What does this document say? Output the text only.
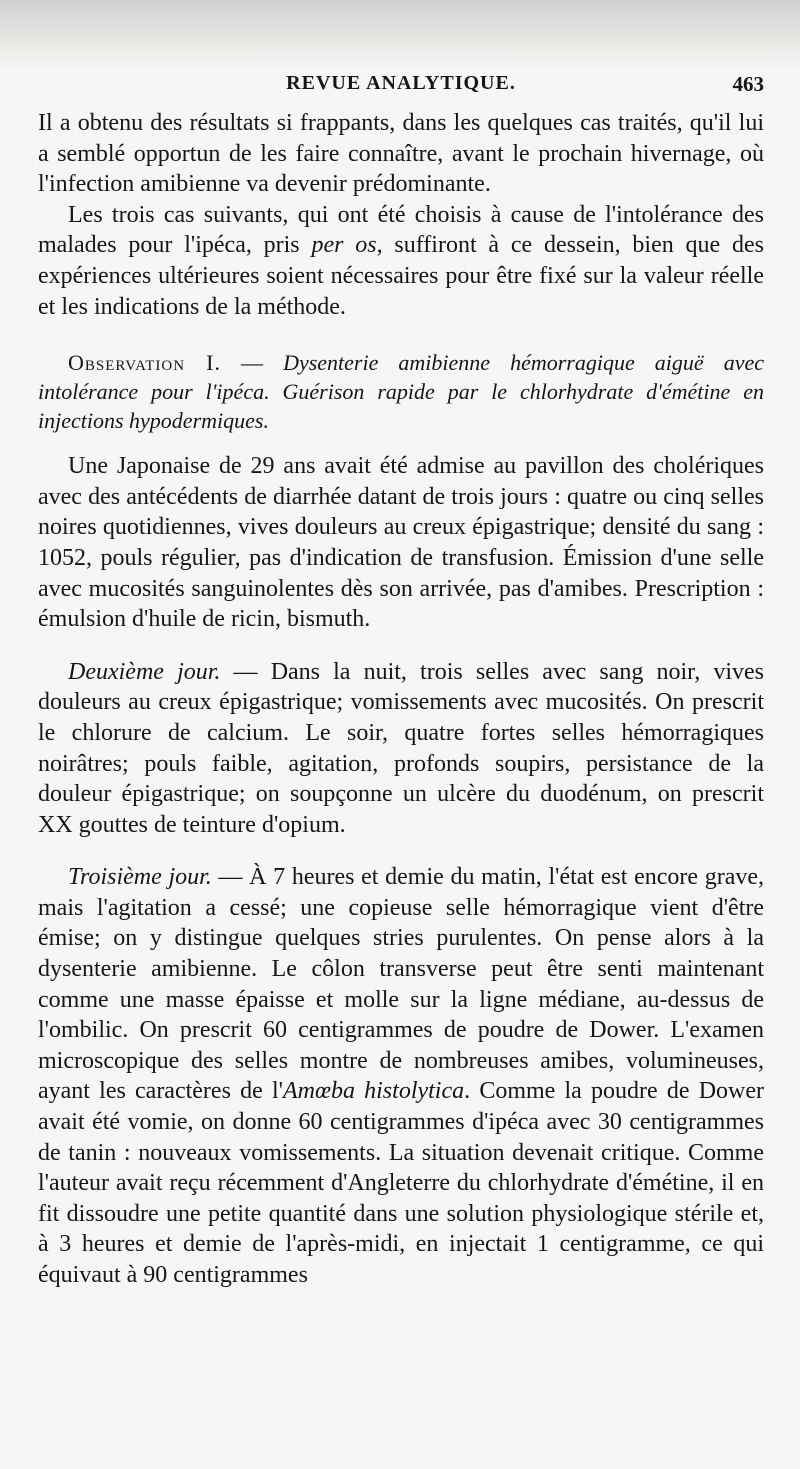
REVUE ANALYTIQUE.	463

Il a obtenu des résultats si frappants, dans les quelques cas traités, qu'il lui a semblé opportun de les faire connaître, avant le prochain hivernage, où l'infection amibienne va devenir prédominante.

Les trois cas suivants, qui ont été choisis à cause de l'intolérance des malades pour l'ipéca, pris per os, suffiront à ce dessein, bien que des expériences ultérieures soient nécessaires pour être fixé sur la valeur réelle et les indications de la méthode.

Observation I. — Dysenterie amibienne hémorragique aiguë avec intolérance pour l'ipéca. Guérison rapide par le chlorhydrate d'émétine en injections hypodermiques.

Une Japonaise de 29 ans avait été admise au pavillon des cholériques avec des antécédents de diarrhée datant de trois jours : quatre ou cinq selles noires quotidiennes, vives douleurs au creux épigastrique; densité du sang : 1052, pouls régulier, pas d'indication de transfusion. Émission d'une selle avec mucosités sanguinolentes dès son arrivée, pas d'amibes. Prescription : émulsion d'huile de ricin, bismuth.

Deuxième jour. — Dans la nuit, trois selles avec sang noir, vives douleurs au creux épigastrique; vomissements avec mucosités. On prescrit le chlorure de calcium. Le soir, quatre fortes selles hémorragiques noirâtres; pouls faible, agitation, profonds soupirs, persistance de la douleur épigastrique; on soupçonne un ulcère du duodénum, on prescrit XX gouttes de teinture d'opium.

Troisième jour. — À 7 heures et demie du matin, l'état est encore grave, mais l'agitation a cessé; une copieuse selle hémorragique vient d'être émise; on y distingue quelques stries purulentes. On pense alors à la dysenterie amibienne. Le côlon transverse peut être senti maintenant comme une masse épaisse et molle sur la ligne médiane, au-dessus de l'ombilic. On prescrit 60 centigrammes de poudre de Dower. L'examen microscopique des selles montre de nombreuses amibes, volumineuses, ayant les caractères de l'Amœba histolytica. Comme la poudre de Dower avait été vomie, on donne 60 centigrammes d'ipéca avec 30 centigrammes de tanin : nouveaux vomissements. La situation devenait critique. Comme l'auteur avait reçu récemment d'Angleterre du chlorhydrate d'émétine, il en fit dissoudre une petite quantité dans une solution physiologique stérile et, à 3 heures et demie de l'après-midi, en injectait 1 centigramme, ce qui équivaut à 90 centigrammes
